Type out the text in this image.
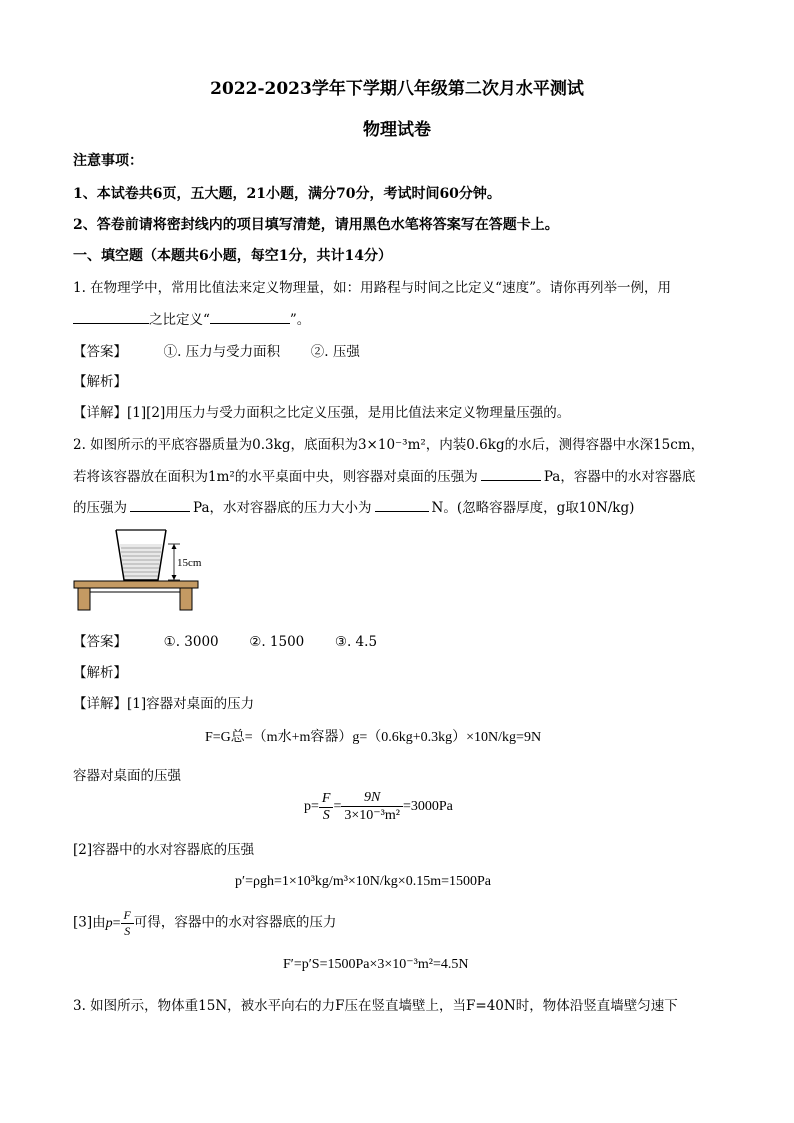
2022-2023学年下学期八年级第二次月水平测试
物理试卷
注意事项：
1、本试卷共6页，五大题，21小题，满分70分，考试时间60分钟。
2、答卷前请将密封线内的项目填写清楚，请用黑色水笔将答案写在答题卡上。
一、填空题（本题共6小题，每空1分，共计14分）
1. 在物理学中，常用比值法来定义物理量，如：用路程与时间之比定义“速度”。请你再列举一例，用
之比定义“	”。
【答案】	①. 压力与受力面积 ②. 压强
【解析】
【详解】[1][2]用压力与受力面积之比定义压强，是用比值法来定义物理量压强的。
2. 如图所示的平底容器质量为0.3kg，底面积为3×10⁻³m²，内装0.6kg的水后，测得容器中水深15cm，
若将该容器放在面积为1m²的水平桌面中央，则容器对桌面的压强为	Pa，容器中的水对容器底
的压强为	Pa，水对容器底的压力大小为	N。(忽略容器厚度，g取10N/kg)
15cm
【答案】	①. 3000 ②. 1500 ③. 4.5
【解析】
【详解】[1]容器对桌面的压力
F=G总=（m水+m容器）g=（0.6kg+0.3kg）×10N/kg=9N
容器对桌面的压强
$p= \frac{F}{S} = \frac{9N}{\text{3×10⁻³m²}} =3000Pa$
[2]容器中的水对容器底的压强
p′=ρgh=1×10³kg/m³×10N/kg×0.15m=1500Pa
[3]由$p= \frac{F}{S}$ 可得，容器中的水对容器底的压力
F′=p′S=1500Pa×3×10⁻³m²=4.5N
3. 如图所示，物体重15N，被水平向右的力F压在竖直墙壁上，当F=40N时，物体沿竖直墙壁匀速下
